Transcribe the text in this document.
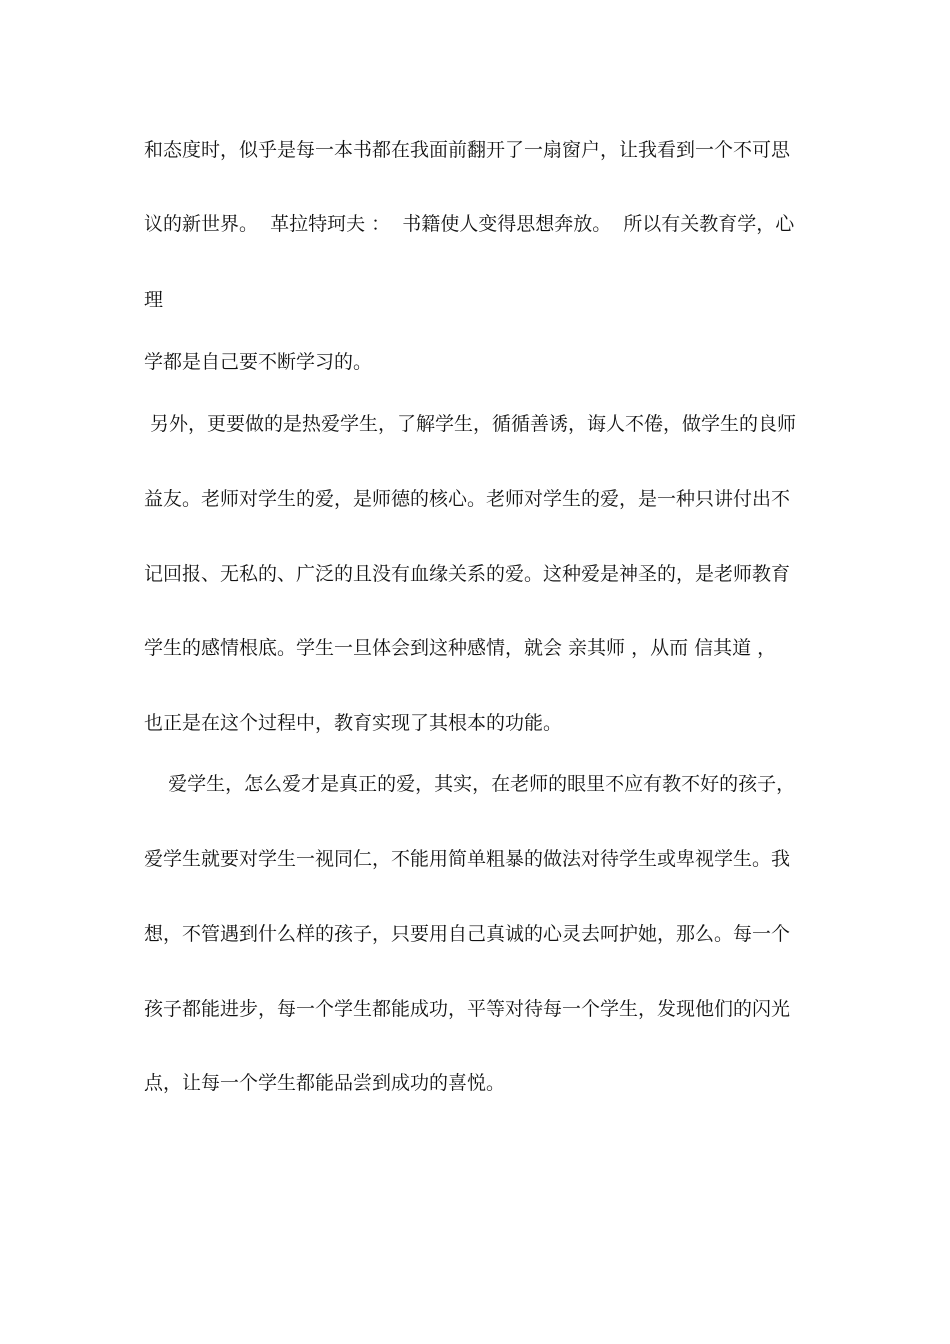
和态度时，似乎是每一本书都在我面前翻开了一扇窗户，让我看到一个不可思
议的新世界。  革拉特珂夫 ：  书籍使人变得思想奔放。  所以有关教育学，心
理
学都是自己要不断学习的。
另外，更要做的是热爱学生，了解学生，循循善诱，诲人不倦，做学生的良师
益友。老师对学生的爱，是师德的核心。老师对学生的爱，是一种只讲付出不
记回报、无私的、广泛的且没有血缘关系的爱。这种爱是神圣的，是老师教育
学生的感情根底。学生一旦体会到这种感情，就会 亲其师 ，从而 信其道 ，
也正是在这个过程中，教育实现了其根本的功能。
爱学生，怎么爱才是真正的爱，其实，在老师的眼里不应有教不好的孩子，
爱学生就要对学生一视同仁，不能用简单粗暴的做法对待学生或卑视学生。我
想，不管遇到什么样的孩子，只要用自己真诚的心灵去呵护她，那么。每一个
孩子都能进步，每一个学生都能成功，平等对待每一个学生，发现他们的闪光
点，让每一个学生都能品尝到成功的喜悦。
